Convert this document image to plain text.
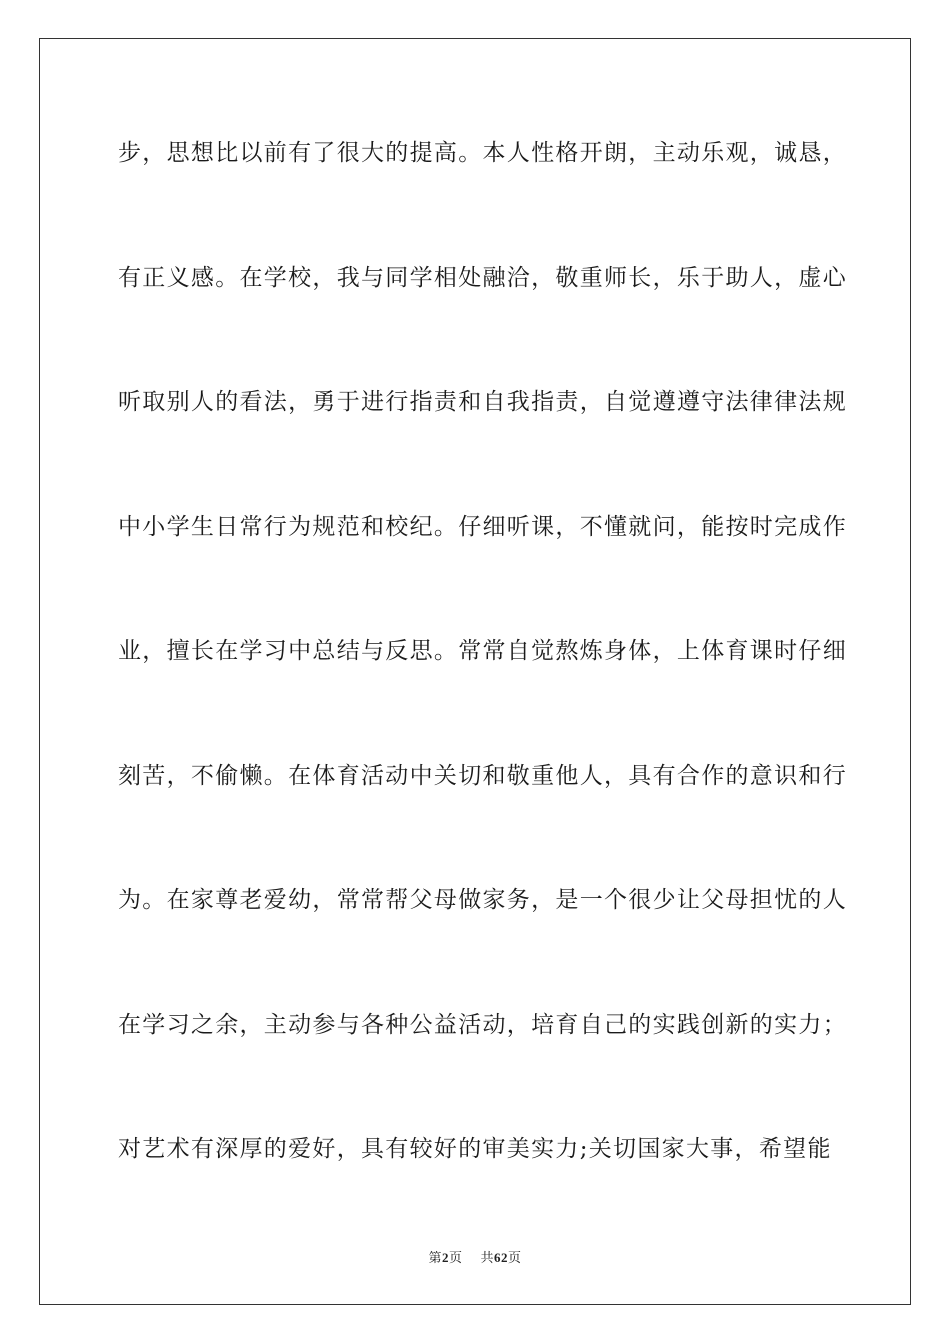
步，思想比以前有了很大的提高。本人性格开朗，主动乐观，诚恳，
有正义感。在学校，我与同学相处融洽，敬重师长，乐于助人，虚心
听取别人的看法，勇于进行指责和自我指责，自觉遵遵守法律律法规
中小学生日常行为规范和校纪。仔细听课，不懂就问，能按时完成作
业，擅长在学习中总结与反思。常常自觉熬炼身体，上体育课时仔细
刻苦，不偷懒。在体育活动中关切和敬重他人，具有合作的意识和行
为。在家尊老爱幼，常常帮父母做家务，是一个很少让父母担忧的人
在学习之余，主动参与各种公益活动，培育自己的实践创新的实力；
对艺术有深厚的爱好，具有较好的审美实力;关切国家大事，希望能
第2页 共62页
